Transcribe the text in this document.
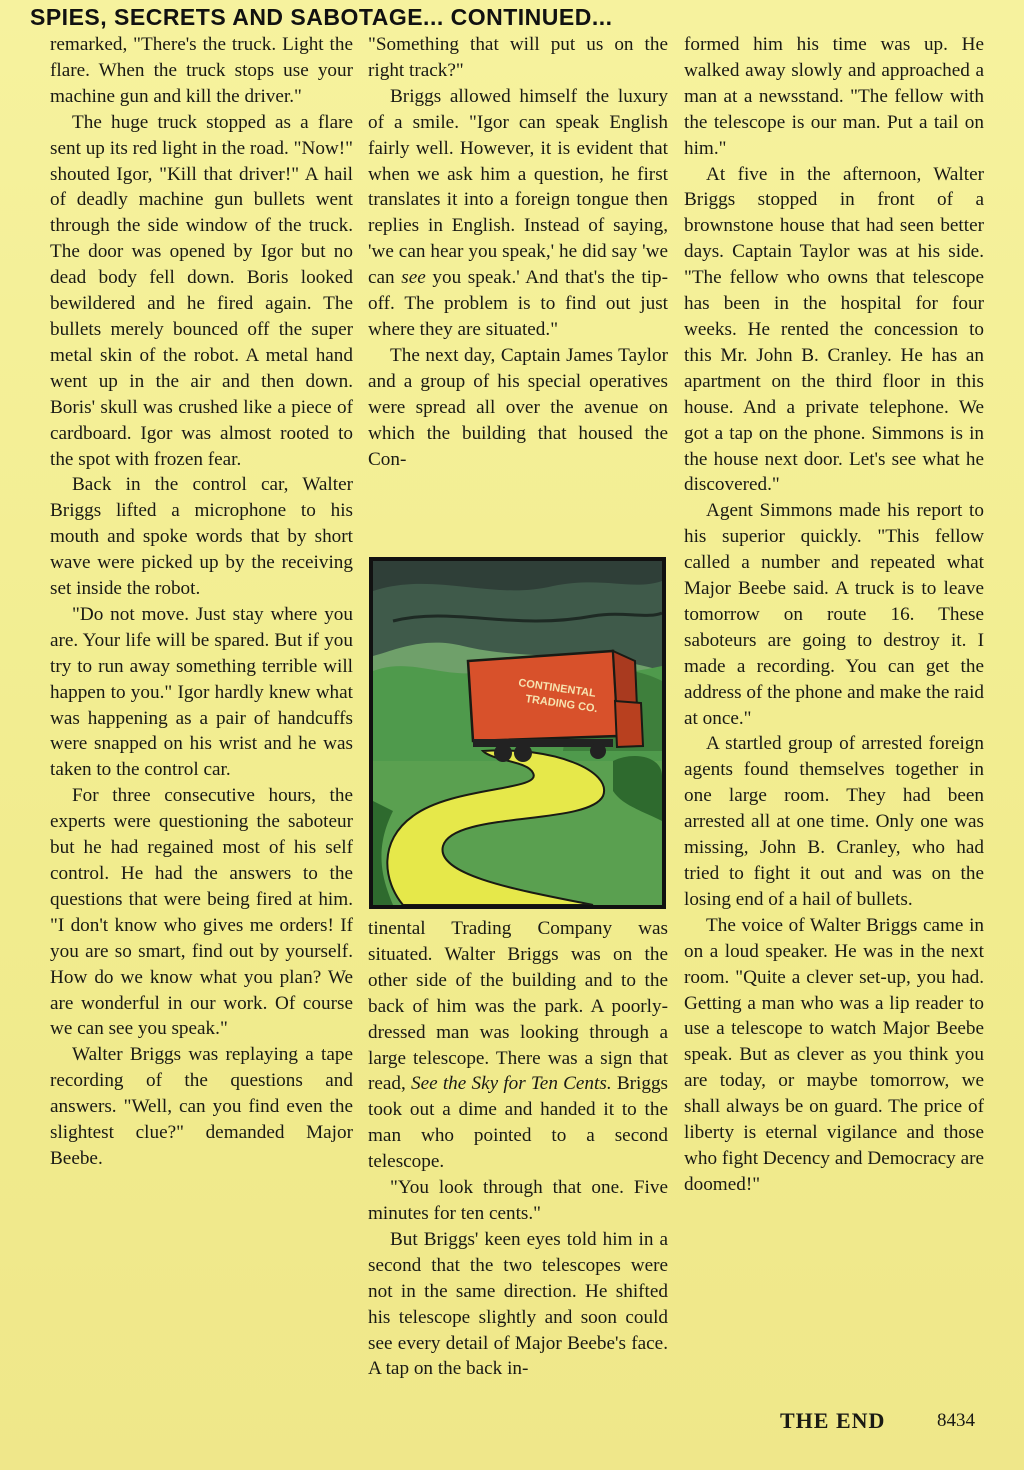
SPIES, SECRETS AND SABOTAGE... CONTINUED...

remarked, "There's the truck. Light the flare. When the truck stops use your machine gun and kill the driver."

The huge truck stopped as a flare sent up its red light in the road. "Now!" shouted Igor, "Kill that driver!" A hail of deadly machine gun bullets went through the side window of the truck. The door was opened by Igor but no dead body fell down. Boris looked bewildered and he fired again. The bullets merely bounced off the super metal skin of the robot. A metal hand went up in the air and then down. Boris' skull was crushed like a piece of cardboard. Igor was almost rooted to the spot with frozen fear.

Back in the control car, Walter Briggs lifted a microphone to his mouth and spoke words that by short wave were picked up by the receiving set inside the robot.

"Do not move. Just stay where you are. Your life will be spared. But if you try to run away something terrible will happen to you." Igor hardly knew what was happening as a pair of handcuffs were snapped on his wrist and he was taken to the control car.

For three consecutive hours, the experts were questioning the saboteur but he had regained most of his self control. He had the answers to the questions that were being fired at him. "I don't know who gives me orders! If you are so smart, find out by yourself. How do we know what you plan? We are wonderful in our work. Of course we can see you speak."

Walter Briggs was replaying a tape recording of the questions and answers. "Well, can you find even the slightest clue?" demanded Major Beebe.

"Something that will put us on the right track?"

Briggs allowed himself the luxury of a smile. "Igor can speak English fairly well. However, it is evident that when we ask him a question, he first translates it into a foreign tongue then replies in English. Instead of saying, 'we can hear you speak,' he did say 'we can see you speak.' And that's the tip-off. The problem is to find out just where they are situated."

The next day, Captain James Taylor and a group of his special operatives were spread all over the avenue on which the building that housed the Con-

CONTINENTAL
TRADING CO.

tinental Trading Company was situated. Walter Briggs was on the other side of the building and to the back of him was the park. A poorly-dressed man was looking through a large telescope. There was a sign that read, See the Sky for Ten Cents. Briggs took out a dime and handed it to the man who pointed to a second telescope.

"You look through that one. Five minutes for ten cents."

But Briggs' keen eyes told him in a second that the two telescopes were not in the same direction. He shifted his telescope slightly and soon could see every detail of Major Beebe's face. A tap on the back in-

formed him his time was up. He walked away slowly and approached a man at a newsstand. "The fellow with the telescope is our man. Put a tail on him."

At five in the afternoon, Walter Briggs stopped in front of a brownstone house that had seen better days. Captain Taylor was at his side. "The fellow who owns that telescope has been in the hospital for four weeks. He rented the concession to this Mr. John B. Cranley. He has an apartment on the third floor in this house. And a private telephone. We got a tap on the phone. Simmons is in the house next door. Let's see what he discovered."

Agent Simmons made his report to his superior quickly. "This fellow called a number and repeated what Major Beebe said. A truck is to leave tomorrow on route 16. These saboteurs are going to destroy it. I made a recording. You can get the address of the phone and make the raid at once."

A startled group of arrested foreign agents found themselves together in one large room. They had been arrested all at one time. Only one was missing, John B. Cranley, who had tried to fight it out and was on the losing end of a hail of bullets.

The voice of Walter Briggs came in on a loud speaker. He was in the next room. "Quite a clever set-up, you had. Getting a man who was a lip reader to use a telescope to watch Major Beebe speak. But as clever as you think you are today, or maybe tomorrow, we shall always be on guard. The price of liberty is eternal vigilance and those who fight Decency and Democracy are doomed!"

THE END	8434
